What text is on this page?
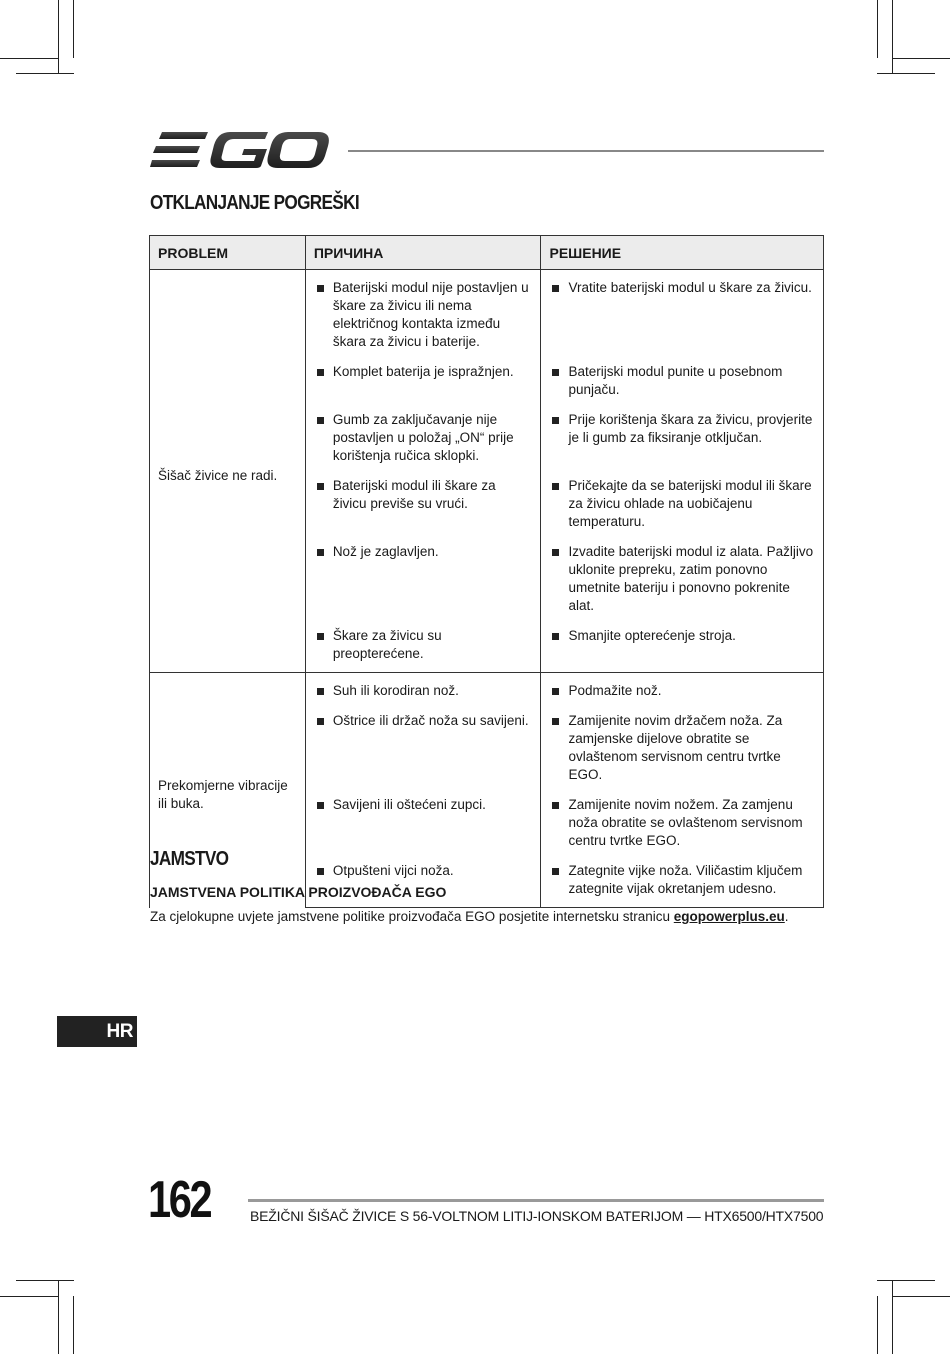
OTKLANJANJE POGREŠKI
PROBLEM	ПРИЧИНА	РЕШЕНИЕ
Šišač živice ne radi.	Baterijski modul nije postavljen u škare za živicu ili nema električnog kontakta između škara za živicu i baterije.	Vratite baterijski modul u škare za živicu.

	Komplet baterija je ispražnjen.	Baterijski modul punite u posebnom punjaču.

	Gumb za zaključavanje nije postavljen u položaj „ON“ prije korištenja ručica sklopki.	Prije korištenja škara za živicu, provjerite je li gumb za fiksiranje otključan.

	Baterijski modul ili škare za živicu previše su vrući.	Pričekajte da se baterijski modul ili škare za živicu ohlade na uobičajenu temperaturu.

	Nož je zaglavljen.	Izvadite baterijski modul iz alata. Pažljivo uklonite prepreku, zatim ponovno umetnite bateriju i ponovno pokrenite alat.

	Škare za živicu su preopterećene.	Smanjite opterećenje stroja.

Prekomjerne vibracije ili buka.	Suh ili korodiran nož.	Podmažite nož.

	Oštrice ili držač noža su savijeni.	Zamijenite novim držačem noža. Za zamjenske dijelove obratite se ovlaštenom servisnom centru tvrtke EGO.

	Savijeni ili oštećeni zupci.	Zamijenite novim nožem. Za zamjenu noža obratite se ovlaštenom servisnom centru tvrtke EGO.

	Otpušteni vijci noža.	Zategnite vijke noža. Viličastim ključem zategnite vijak okretanjem udesno.
JAMSTVO

JAMSTVENA POLITIKA PROIZVOĐAČA EGO

Za cjelokupne uvjete jamstvene politike proizvođača EGO posjetite internetsku stranicu egopowerplus.eu.

HR
162	BEŽIČNI ŠIŠAČ ŽIVICE S 56-VOLTNOM LITIJ-IONSKOM BATERIJOM — HTX6500/HTX7500
